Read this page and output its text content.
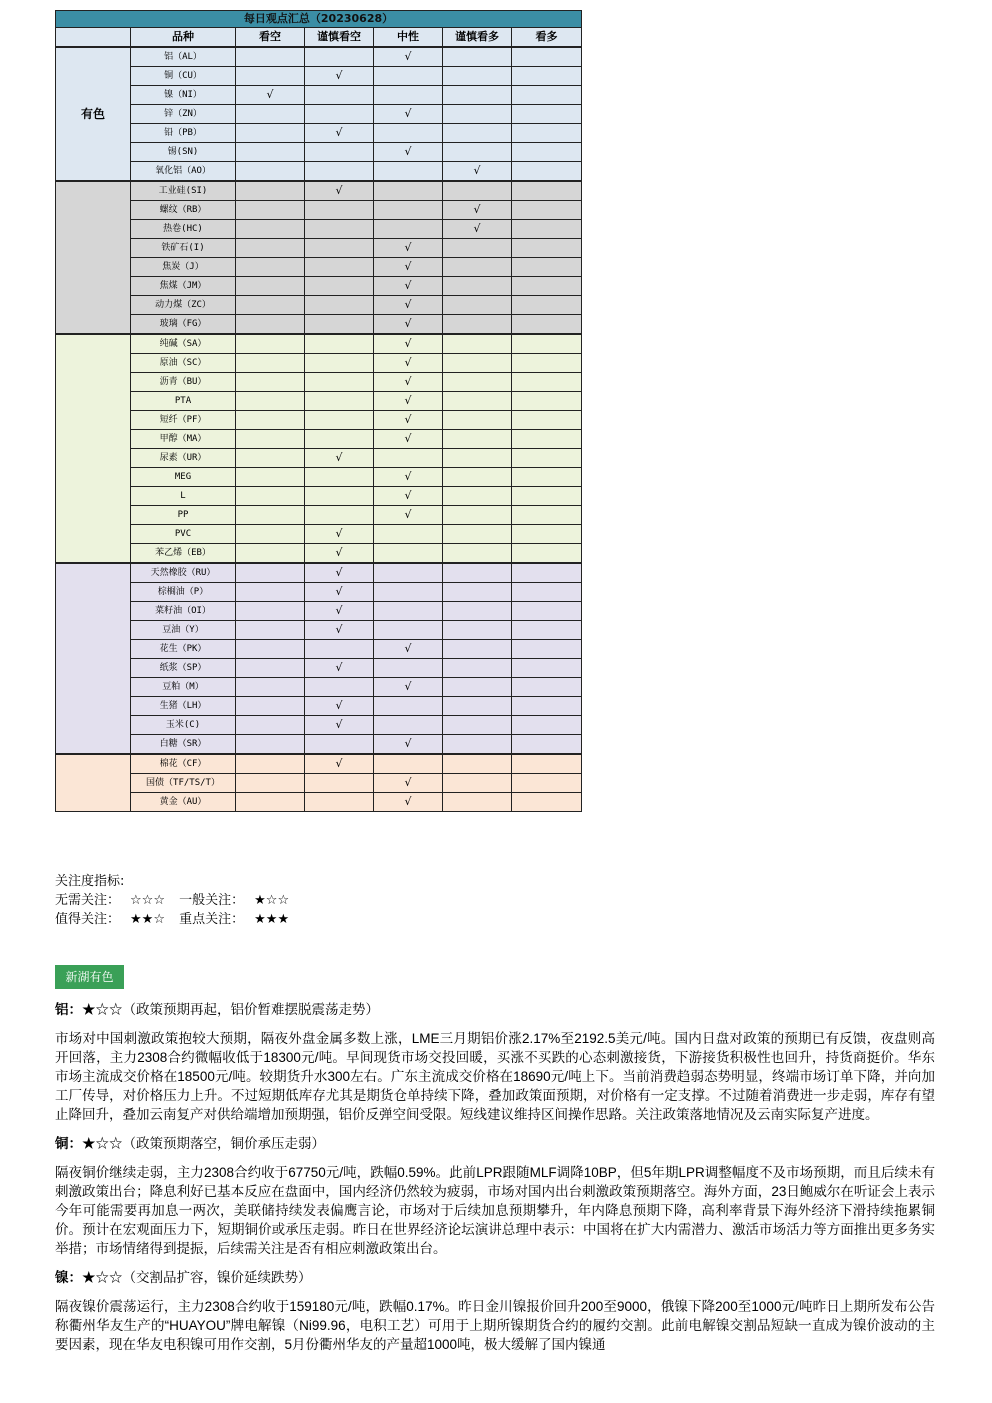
每日观点汇总（20230628）						
	品种	看空	谨慎看空	中性	谨慎看多	看多
有色	铝（AL）			√		
	铜（CU）		√			
	镍（NI）	√				
	锌（ZN）			√		
	铅（PB）		√			
	锡(SN)			√		
	氧化铝（AO）				√	
	工业硅(SI)		√			
	螺纹（RB）				√	
	热卷(HC)				√	
	铁矿石(I)			√		
	焦炭（J）			√		
	焦煤（JM）			√		
	动力煤（ZC）			√		
	玻璃（FG）			√		
	纯碱（SA）			√		
	原油（SC）			√		
	沥青（BU）			√		
	PTA			√		
	短纤（PF）			√		
	甲醇（MA）			√		
	尿素（UR）		√			
	MEG			√		
	L			√		
	PP			√		
	PVC		√			
	苯乙烯（EB）		√			
	天然橡胶（RU）		√			
	棕榈油（P）		√			
	菜籽油（OI）		√			
	豆油（Y）		√			
	花生（PK）			√		
	纸浆（SP）		√			
	豆粕（M）			√		
	生猪（LH）		√			
	玉米(C)		√			
	白糖（SR）			√		
	棉花（CF）		√			
	国债（TF/TS/T）			√		
	黄金（AU）			√		
关注度指标:
无需关注： ☆☆☆ 一般关注： ★☆☆
值得关注： ★★☆ 重点关注： ★★★
新湖有色

铝：★☆☆（政策预期再起，铝价暂难摆脱震荡走势）

市场对中国刺激政策抱较大预期，隔夜外盘金属多数上涨，LME三月期铝价涨2.17%至2192.5美元/吨。国内日盘对政策的预期已有反馈，夜盘则高开回落，主力2308合约微幅收低于18300元/吨。早间现货市场交投回暖，买涨不买跌的心态刺激接货，下游接货积极性也回升，持货商挺价。华东市场主流成交价格在18500元/吨。较期货升水300左右。广东主流成交价格在18690元/吨上下。当前消费趋弱态势明显，终端市场订单下降，并向加工厂传导，对价格压力上升。不过短期低库存尤其是期货仓单持续下降，叠加政策面预期，对价格有一定支撑。不过随着消费进一步走弱，库存有望止降回升，叠加云南复产对供给端增加预期强，铝价反弹空间受限。短线建议维持区间操作思路。关注政策落地情况及云南实际复产进度。

铜：★☆☆（政策预期落空，铜价承压走弱）

隔夜铜价继续走弱，主力2308合约收于67750元/吨，跌幅0.59%。此前LPR跟随MLF调降10BP，但5年期LPR调整幅度不及市场预期，而且后续未有刺激政策出台；降息利好已基本反应在盘面中，国内经济仍然较为疲弱，市场对国内出台刺激政策预期落空。海外方面，23日鲍威尔在听证会上表示今年可能需要再加息一两次，美联储持续发表偏鹰言论，市场对于后续加息预期攀升，年内降息预期下降，高利率背景下海外经济下滑持续拖累铜价。预计在宏观面压力下，短期铜价或承压走弱。昨日在世界经济论坛演讲总理中表示：中国将在扩大内需潜力、激活市场活力等方面推出更多务实举措；市场情绪得到提振，后续需关注是否有相应刺激政策出台。

镍：★☆☆（交割品扩容，镍价延续跌势）

隔夜镍价震荡运行，主力2308合约收于159180元/吨，跌幅0.17%。昨日金川镍报价回升200至9000，俄镍下降200至1000元/吨昨日上期所发布公告称衢州华友生产的“HUAYOU”牌电解镍（Ni99.96，电积工艺）可用于上期所镍期货合约的履约交割。此前电解镍交割品短缺一直成为镍价波动的主要因素，现在华友电积镍可用作交割，5月份衢州华友的产量超1000吨，极大缓解了国内镍通
